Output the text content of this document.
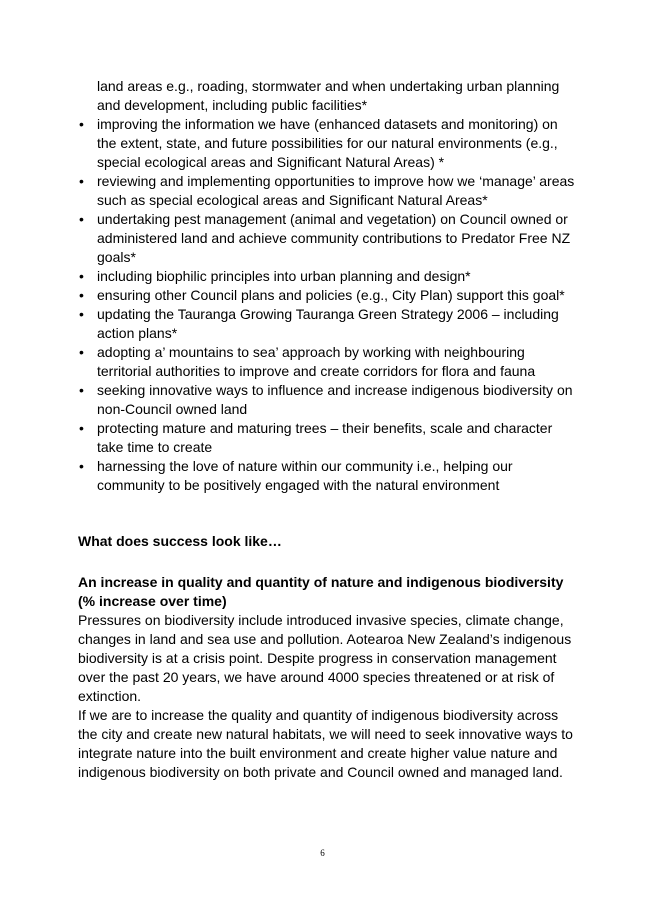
land areas e.g., roading, stormwater and when undertaking urban planning and development, including public facilities*

• improving the information we have (enhanced datasets and monitoring) on the extent, state, and future possibilities for our natural environments (e.g., special ecological areas and Significant Natural Areas) *
• reviewing and implementing opportunities to improve how we ‘manage’ areas such as special ecological areas and Significant Natural Areas*
• undertaking pest management (animal and vegetation) on Council owned or administered land and achieve community contributions to Predator Free NZ goals*
• including biophilic principles into urban planning and design*
• ensuring other Council plans and policies (e.g., City Plan) support this goal*
• updating the Tauranga Growing Tauranga Green Strategy 2006 – including action plans*
• adopting a’ mountains to sea’ approach by working with neighbouring territorial authorities to improve and create corridors for flora and fauna
• seeking innovative ways to influence and increase indigenous biodiversity on non-Council owned land
• protecting mature and maturing trees – their benefits, scale and character take time to create
• harnessing the love of nature within our community i.e., helping our community to be positively engaged with the natural environment

What does success look like…

An increase in quality and quantity of nature and indigenous biodiversity (% increase over time)

Pressures on biodiversity include introduced invasive species, climate change, changes in land and sea use and pollution. Aotearoa New Zealand’s indigenous biodiversity is at a crisis point. Despite progress in conservation management over the past 20 years, we have around 4000 species threatened or at risk of extinction.

If we are to increase the quality and quantity of indigenous biodiversity across the city and create new natural habitats, we will need to seek innovative ways to integrate nature into the built environment and create higher value nature and indigenous biodiversity on both private and Council owned and managed land.

6
